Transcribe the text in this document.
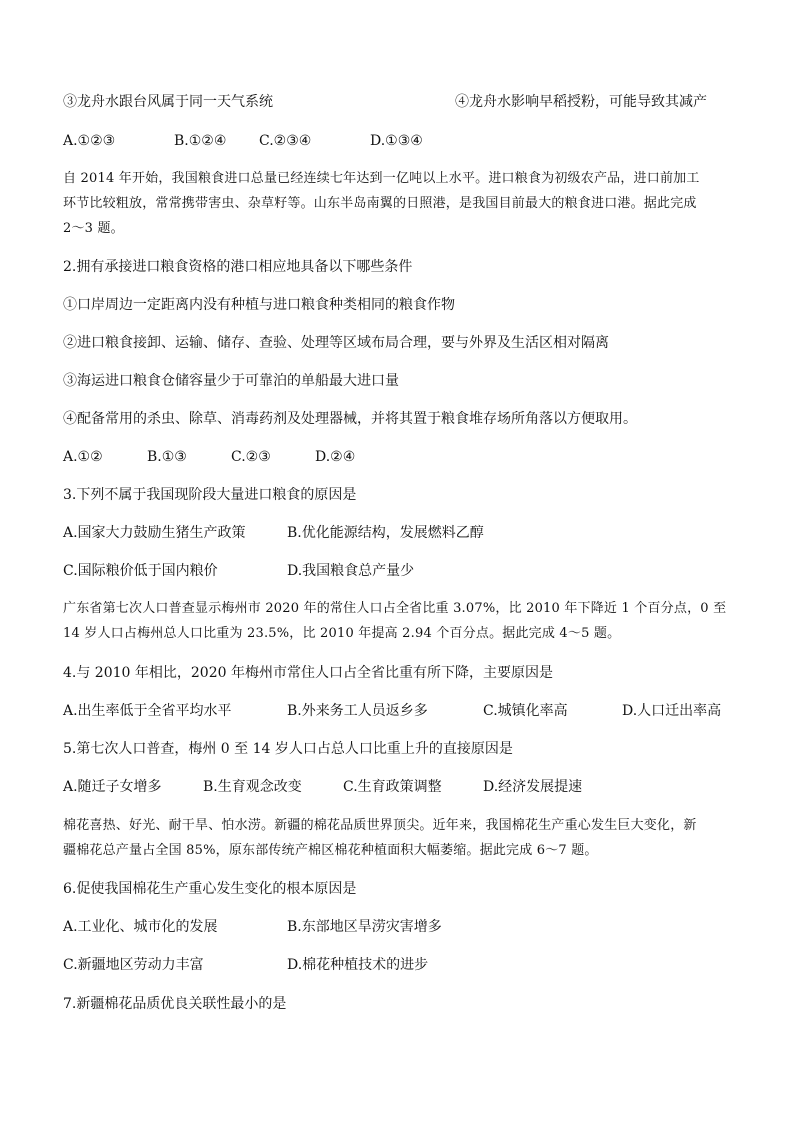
③龙舟水跟台风属于同一天气系统	④龙舟水影响早稻授粉，可能导致其减产
A.①②③	B.①②④ C.②③④	D.①③④
自 2014 年开始，我国粮食进口总量已经连续七年达到一亿吨以上水平。进口粮食为初级农产品，进口前加工
环节比较粗放，常常携带害虫、杂草籽等。山东半岛南翼的日照港，是我国目前最大的粮食进口港。据此完成
2～3 题。
2.拥有承接进口粮食资格的港口相应地具备以下哪些条件
①口岸周边一定距离内没有种植与进口粮食种类相同的粮食作物
②进口粮食接卸、运输、储存、查验、处理等区域布局合理，要与外界及生活区相对隔离
③海运进口粮食仓储容量少于可靠泊的单船最大进口量
④配备常用的杀虫、除草、消毒药剂及处理器械，并将其置于粮食堆存场所角落以方便取用。
A.①②	B.①③	C.②③	D.②④
3.下列不属于我国现阶段大量进口粮食的原因是
A.国家大力鼓励生猪生产政策	B.优化能源结构，发展燃料乙醇
C.国际粮价低于国内粮价	D.我国粮食总产量少
广东省第七次人口普查显示梅州市 2020 年的常住人口占全省比重 3.07%，比 2010 年下降近 1 个百分点，0 至
14 岁人口占梅州总人口比重为 23.5%，比 2010 年提高 2.94 个百分点。据此完成 4～5 题。
4.与 2010 年相比，2020 年梅州市常住人口占全省比重有所下降，主要原因是
A.出生率低于全省平均水平	B.外来务工人员返乡多	C.城镇化率高	D.人口迁出率高
5.第七次人口普查，梅州 0 至 14 岁人口占总人口比重上升的直接原因是
A.随迁子女增多	B.生育观念改变	C.生育政策调整	D.经济发展提速
棉花喜热、好光、耐干旱、怕水涝。新疆的棉花品质世界顶尖。近年来，我国棉花生产重心发生巨大变化，新
疆棉花总产量占全国 85%，原东部传统产棉区棉花种植面积大幅萎缩。据此完成 6～7 题。
6.促使我国棉花生产重心发生变化的根本原因是
A.工业化、城市化的发展	B.东部地区旱涝灾害增多
C.新疆地区劳动力丰富	D.棉花种植技术的进步
7.新疆棉花品质优良关联性最小的是
